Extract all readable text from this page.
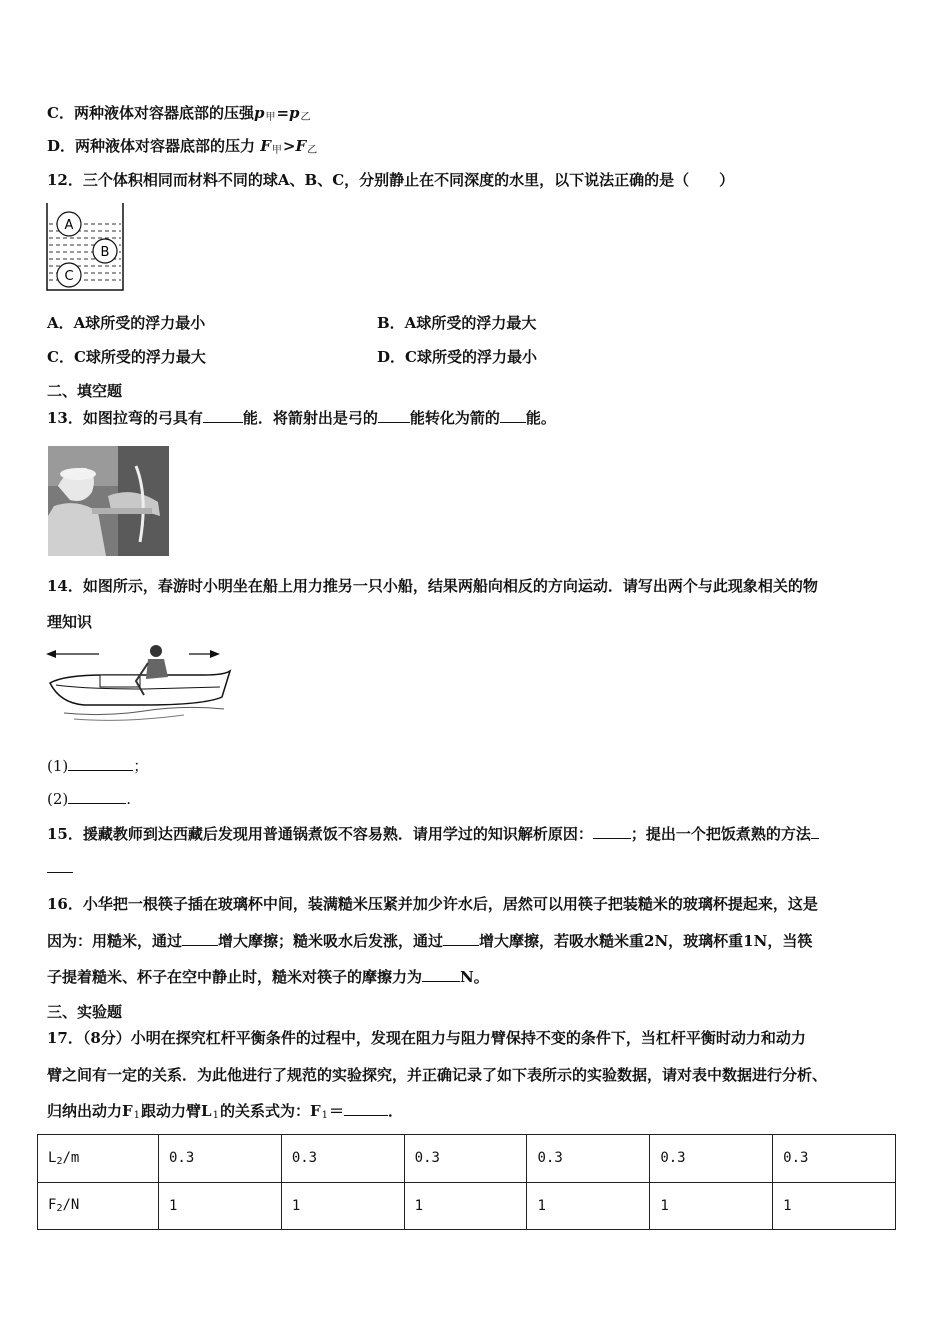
C．两种液体对容器底部的压强$p_甲=p_乙$
D．两种液体对容器底部的压力 $F_甲>F_乙$
12．三个体积相同而材料不同的球A、B、C，分别静止在不同深度的水里，以下说法正确的是（　　）
A
B
C
A．A球所受的浮力最小	B．A球所受的浮力最大
C．C球所受的浮力最大	D．C球所受的浮力最小
二、填空题
13．如图拉弯的弓具有	能．将箭射出是弓的 能转化为箭的 能。
14．如图所示，春游时小明坐在船上用力推另一只小船，结果两船向相反的方向运动．请写出两个与此现象相关的物
理知识
(1)	；
(2)	.
15．援藏教师到达西藏后发现用普通锅煮饭不容易熟．请用学过的知识解析原因：	；提出一个把饭煮熟的方法
16．小华把一根筷子插在玻璃杯中间，装满糙米压紧并加少许水后，居然可以用筷子把装糙米的玻璃杯提起来，这是
因为：用糙米，通过 增大摩擦；糙米吸水后发涨，通过 增大摩擦，若吸水糙米重2N，玻璃杯重1N，当筷
子提着糙米、杯子在空中静止时，糙米对筷子的摩擦力为	N。
三、实验题
17．（8分）小明在探究杠杆平衡条件的过程中，发现在阻力与阻力臂保持不变的条件下，当杠杆平衡时动力和动力
臂之间有一定的关系．为此他进行了规范的实验探究，并正确记录了如下表所示的实验数据，请对表中数据进行分析、
归纳出动力$F_1$跟动力臂$L_1$的关系式为：$F_1=$	．
$L_2/m$	0.3	0.3	0.3	0.3	0.3	0.3
$F_2/N$	1	1	1	1	1	1
